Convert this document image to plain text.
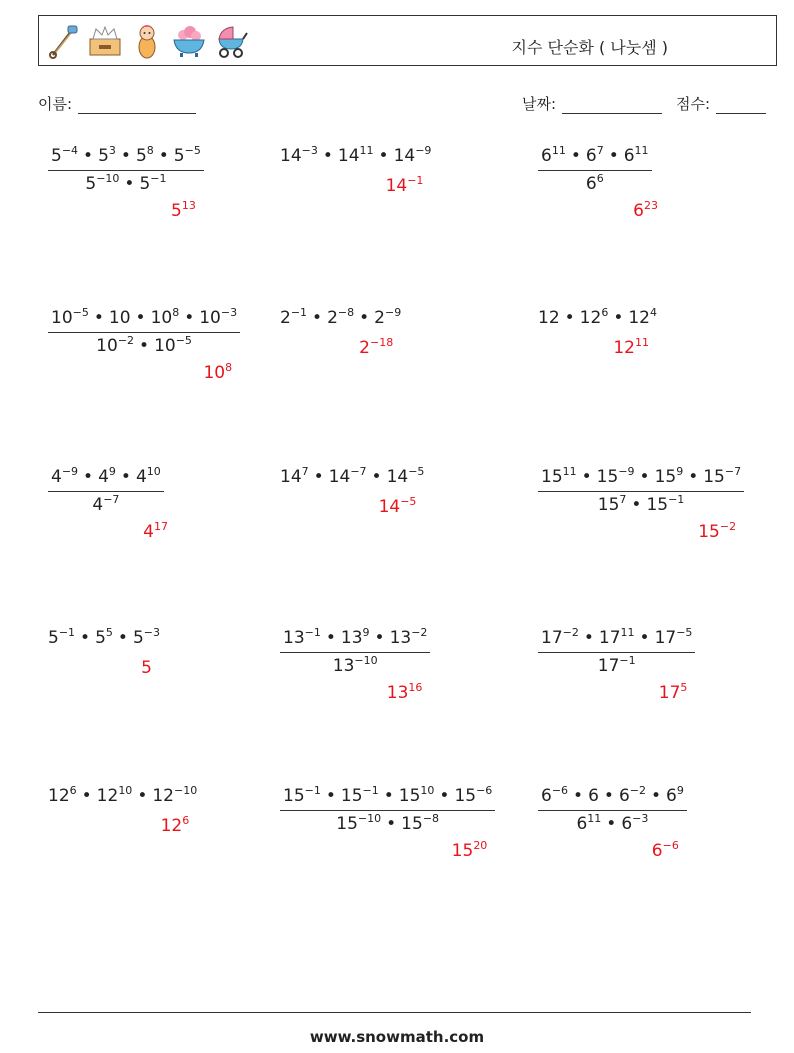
지수 단순화 ( 나눗셈 )
이름:	날짜:	점수:
$\frac{5^{-4} • 5^3 • 5^8 • 5^{-5}}{5^{-10} • 5^{-1}}$
$5^{13}$
$14^{-3}$ • $14^{11}$ • $14^{-9}$
$14^{-1}$	$\frac{6^{11} • 6^7 • 6^{11}}{6^6}$
$6^{23}$
$\frac{10^{-5} • 10 • 10^8 • 10^{-3}}{10^{-2} • 10^{-5}}$
$10^8$
$2^{-1}$ • $2^{-8}$ • $2^{-9}$
$2^{-18}$
12 • $12^6$ • $12^4$
$12^{11}$
$\frac{4^{-9} • 4^9 • 4^{10}}{4^{-7}}$
$4^{17}$
$14^7$ • $14^{-7}$ • $14^{-5}$
$14^{-5}$	$\frac{15^{11} • 15^{-9} • 15^9 • 15^{-7}}{15^7 • 15^{-1}}$
$15^{-2}$
$5^{-1}$ • $5^5$ • $5^{-3}$
5	$\frac{13^{-1} • 13^9 • 13^{-2}}{13^{-10}}$
$13^{16}$
$\frac{17^{-2} • 17^{11} • 17^{-5}}{17^{-1}}$
$17^5$
$12^6$ • $12^{10}$ • $12^{-10}$
$12^6$	$\frac{15^{-1} • 15^{-1} • 15^{10} • 15^{-6}}{15^{-10} • 15^{-8}}$
$15^{20}$
$\frac{6^{-6} • 6 • 6^{-2} • 6^9}{6^{11} • 6^{-3}}$
$6^{-6}$
www.snowmath.com
